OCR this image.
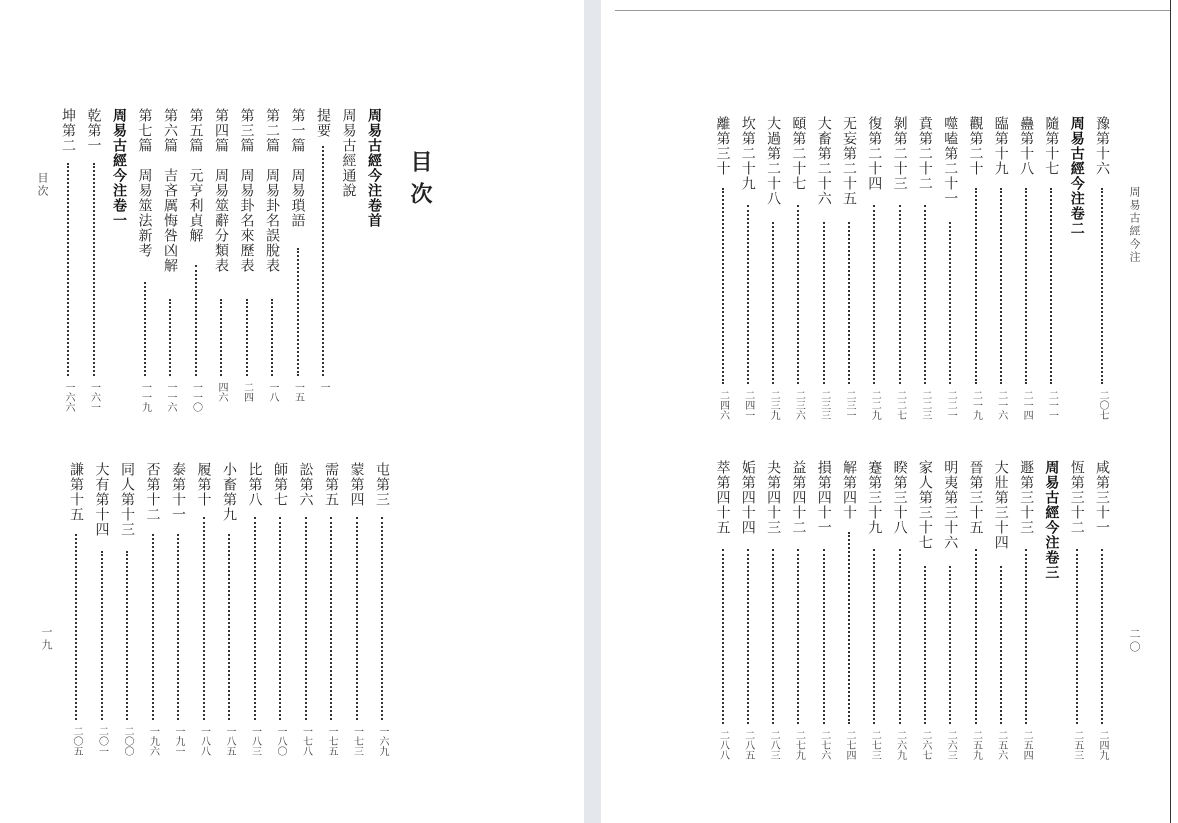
目次
目次
一九
周易古經今注卷首
周易古經通說
提要
一
第一篇　周易瑣語
一五
第二篇　周易卦名誤脫表
一八
第三篇　周易卦名來歷表
二四
第四篇　周易筮辭分類表
四六
第五篇　元亨利貞解
一一〇
第六篇　吉吝厲悔咎凶解
一一六
第七篇　周易筮法新考
一一九
周易古經今注卷一
乾第一
一六一
坤第二
一六六
屯第三
一六九
蒙第四
一七三
需第五
一七五
訟第六
一七八
師第七
一八〇
比第八
一八三
小畜第九
一八五
履第十
一八八
泰第十一
一九一
否第十二
一九六
同人第十三
二〇〇
大有第十四
二〇一
謙第十五
二〇五
周易古經今注
二〇
豫第十六
二〇七
周易古經今注卷二
隨第十七
二一一
蠱第十八
二一四
臨第十九
二一六
觀第二十
二一九
噬嗑第二十一
二二一
賁第二十二
二二三
剝第二十三
二二七
復第二十四
二二九
无妄第二十五
二三一
大畜第二十六
二三三
頤第二十七
二三六
大過第二十八
二三九
坎第二十九
二四一
離第三十
二四六
咸第三十一
二四九
恆第三十二
二五三
周易古經今注卷三
遯第三十三
二五四
大壯第三十四
二五六
晉第三十五
二五九
明夷第三十六
二六三
家人第三十七
二六七
睽第三十八
二六九
蹇第三十九
二七三
解第四十
二七四
損第四十一
二七六
益第四十二
二七九
夬第四十三
二八三
姤第四十四
二八五
萃第四十五
二八八
